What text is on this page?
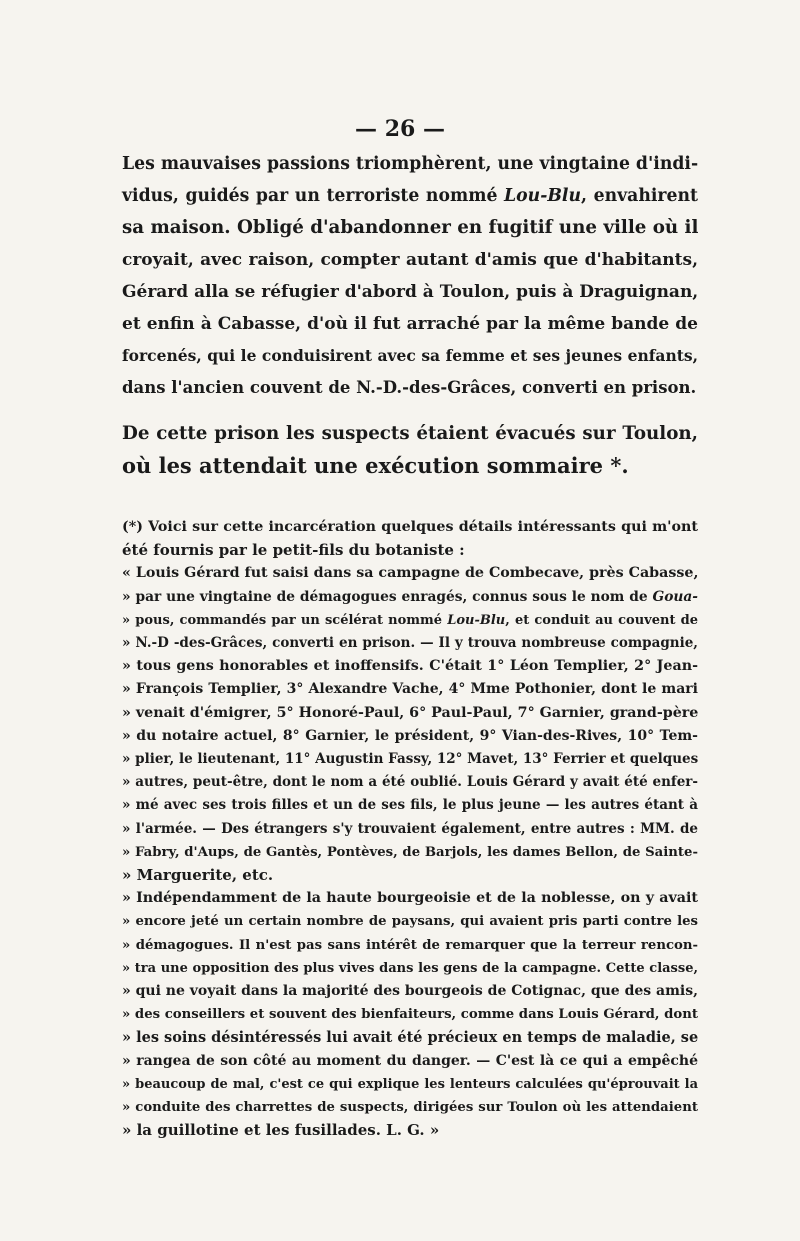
— 26 —
Les mauvaises passions triomphèrent, une vingtaine d'indi-
vidus, guidés par un terroriste nommé Lou-Blu, envahirent
sa maison. Obligé d'abandonner en fugitif une ville où il
croyait, avec raison, compter autant d'amis que d'habitants,
Gérard alla se réfugier d'abord à Toulon, puis à Draguignan,
et enfin à Cabasse, d'où il fut arraché par la même bande de
forcenés, qui le conduisirent avec sa femme et ses jeunes enfants,
dans l'ancien couvent de N.-D.-des-Grâces, converti en prison.
De cette prison les suspects étaient évacués sur Toulon,
où les attendait une exécution sommaire *.
(*) Voici sur cette incarcération quelques détails intéressants qui m'ont
été fournis par le petit-fils du botaniste :
« Louis Gérard fut saisi dans sa campagne de Combecave, près Cabasse,
» par une vingtaine de démagogues enragés, connus sous le nom de Goua-
» pous, commandés par un scélérat nommé Lou-Blu, et conduit au couvent de
» N.-D -des-Grâces, converti en prison. — Il y trouva nombreuse compagnie,
» tous gens honorables et inoffensifs. C'était 1° Léon Templier, 2° Jean-
» François Templier, 3° Alexandre Vache, 4° Mme Pothonier, dont le mari
» venait d'émigrer, 5° Honoré-Paul, 6° Paul-Paul, 7° Garnier, grand-père
» du notaire actuel, 8° Garnier, le président, 9° Vian-des-Rives, 10° Tem-
» plier, le lieutenant, 11° Augustin Fassy, 12° Mavet, 13° Ferrier et quelques
» autres, peut-être, dont le nom a été oublié. Louis Gérard y avait été enfer-
» mé avec ses trois filles et un de ses fils, le plus jeune — les autres étant à
» l'armée. — Des étrangers s'y trouvaient également, entre autres : MM. de
» Fabry, d'Aups, de Gantès, Pontèves, de Barjols, les dames Bellon, de Sainte-
» Marguerite, etc.
» Indépendamment de la haute bourgeoisie et de la noblesse, on y avait
» encore jeté un certain nombre de paysans, qui avaient pris parti contre les
» démagogues. Il n'est pas sans intérêt de remarquer que la terreur rencon-
» tra une opposition des plus vives dans les gens de la campagne. Cette classe,
» qui ne voyait dans la majorité des bourgeois de Cotignac, que des amis,
» des conseillers et souvent des bienfaiteurs, comme dans Louis Gérard, dont
» les soins désintéressés lui avait été précieux en temps de maladie, se
» rangea de son côté au moment du danger. — C'est là ce qui a empêché
» beaucoup de mal, c'est ce qui explique les lenteurs calculées qu'éprouvait la
» conduite des charrettes de suspects, dirigées sur Toulon où les attendaient
» la guillotine et les fusillades. L. G. »
